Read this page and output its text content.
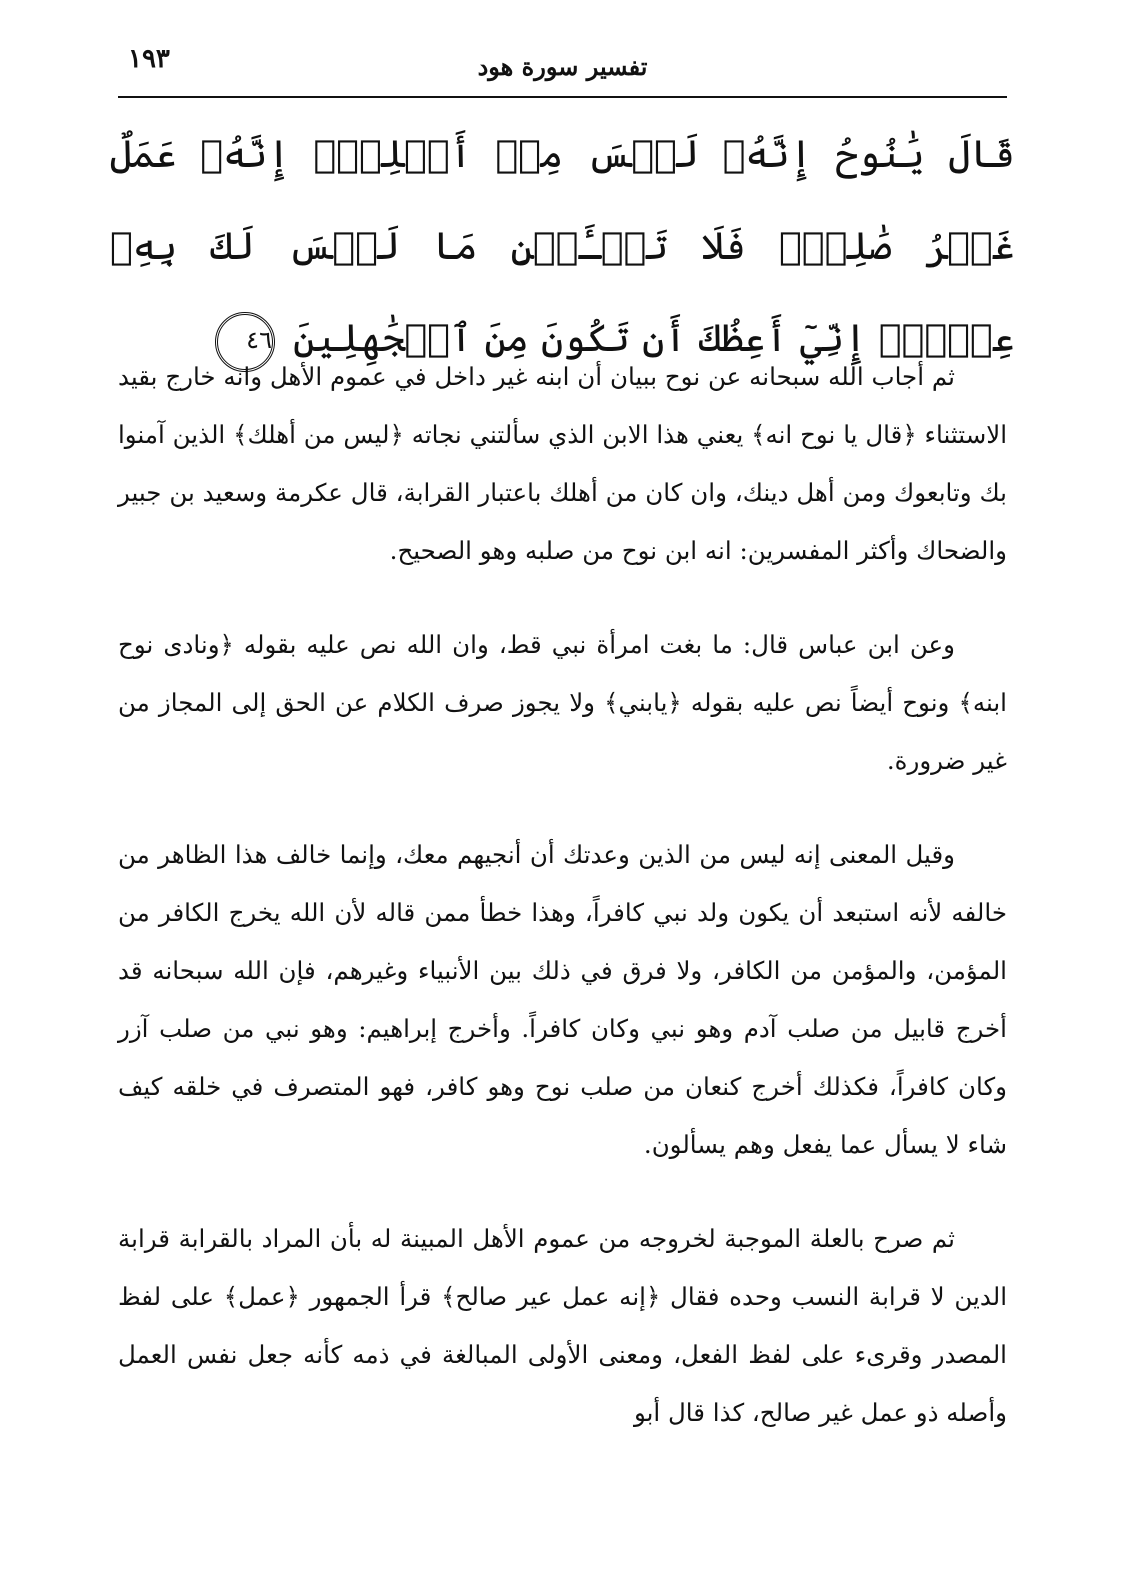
١٩٣	تفسير سورة هود
قَالَ يَٰنُوحُ إِنَّهُۥ لَيۡسَ مِنۡ أَهۡلِكَۖ إِنَّهُۥ عَمَلٌ غَيۡرُ صَٰلِحٖۖ فَلَا تَسۡـَٔلۡنِ مَا لَيۡسَ لَكَ بِهِۦ عِلۡمٌۖ إِنِّيٓ أَعِظُكَ أَن تَكُونَ مِنَ ٱلۡجَٰهِلِينَ ٤٦

ثم أجاب الله سبحانه عن نوح ببيان أن ابنه غير داخل في عموم الأهل وانه خارج بقيد الاستثناء ﴿قال يا نوح انه﴾ يعني هذا الابن الذي سألتني نجاته ﴿ليس من أهلك﴾ الذين آمنوا بك وتابعوك ومن أهل دينك، وان كان من أهلك باعتبار القرابة، قال عكرمة وسعيد بن جبير والضحاك وأكثر المفسرين: انه ابن نوح من صلبه وهو الصحيح.

وعن ابن عباس قال: ما بغت امرأة نبي قط، وان الله نص عليه بقوله ﴿ونادى نوح ابنه﴾ ونوح أيضاً نص عليه بقوله ﴿يابني﴾ ولا يجوز صرف الكلام عن الحق إلى المجاز من غير ضرورة.

وقيل المعنى إنه ليس من الذين وعدتك أن أنجيهم معك، وإنما خالف هذا الظاهر من خالفه لأنه استبعد أن يكون ولد نبي كافراً، وهذا خطأ ممن قاله لأن الله يخرج الكافر من المؤمن، والمؤمن من الكافر، ولا فرق في ذلك بين الأنبياء وغيرهم، فإن الله سبحانه قد أخرج قابيل من صلب آدم وهو نبي وكان كافراً. وأخرج إبراهيم: وهو نبي من صلب آزر وكان كافراً، فكذلك أخرج كنعان من صلب نوح وهو كافر، فهو المتصرف في خلقه كيف شاء لا يسأل عما يفعل وهم يسألون.

ثم صرح بالعلة الموجبة لخروجه من عموم الأهل المبينة له بأن المراد بالقرابة قرابة الدين لا قرابة النسب وحده فقال ﴿إنه عمل عير صالح﴾ قرأ الجمهور ﴿عمل﴾ على لفظ المصدر وقرىء على لفظ الفعل، ومعنى الأولى المبالغة في ذمه كأنه جعل نفس العمل وأصله ذو عمل غير صالح، كذا قال أبو
